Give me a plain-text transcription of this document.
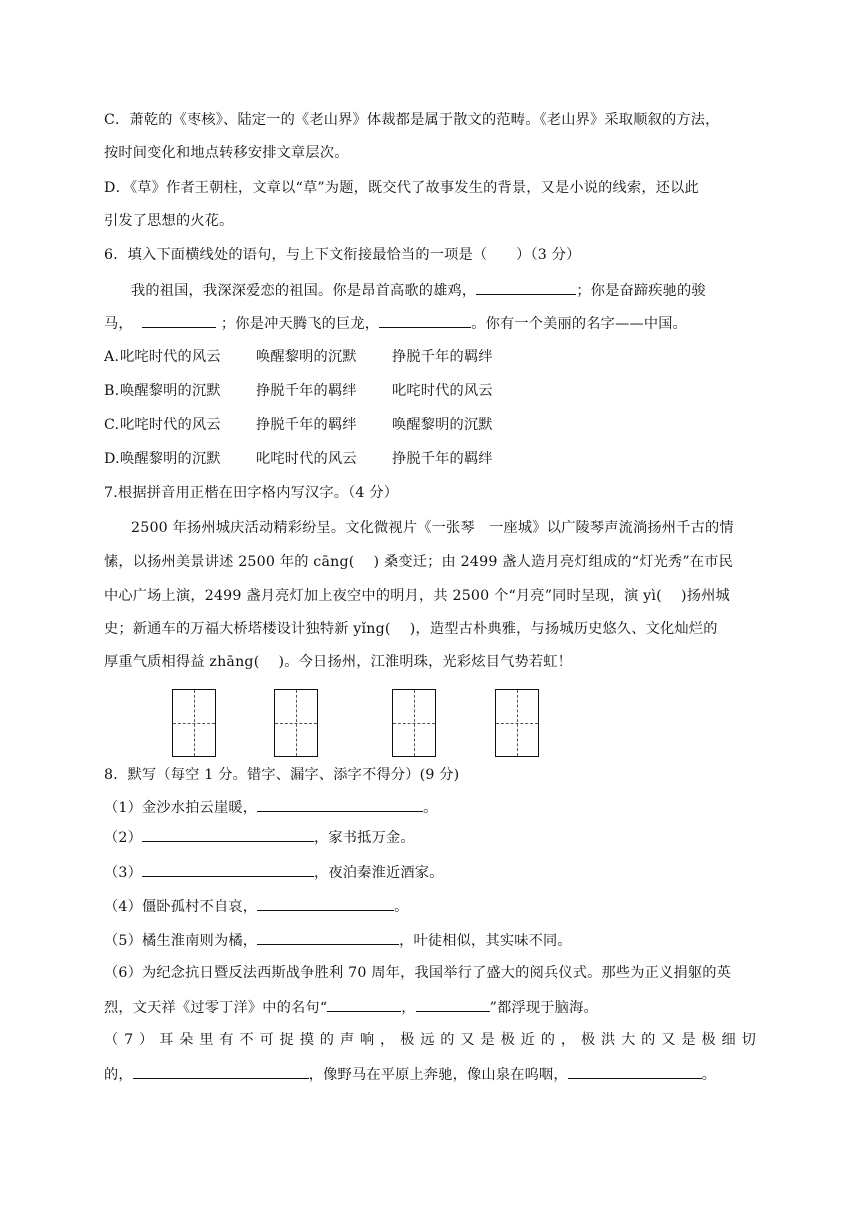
C．萧乾的《枣核》、陆定一的《老山界》体裁都是属于散文的范畴。《老山界》采取顺叙的方法，
按时间变化和地点转移安排文章层次。
D．《草》作者王朝柱，文章以“草”为题，既交代了故事发生的背景，又是小说的线索，还以此
引发了思想的火花。
6．填入下面横线处的语句，与上下文衔接最恰当的一项是（　　）（3 分）
我的祖国，我深深爱恋的祖国。你是昂首高歌的雄鸡，	；你是奋蹄疾驰的骏
马，	；你是冲天腾飞的巨龙，	。你有一个美丽的名字——中国。
A.叱咤时代的风云 唤醒黎明的沉默 挣脱千年的羁绊
B.唤醒黎明的沉默 挣脱千年的羁绊 叱咤时代的风云
C.叱咤时代的风云 挣脱千年的羁绊 唤醒黎明的沉默
D.唤醒黎明的沉默 叱咤时代的风云 挣脱千年的羁绊
7.根据拼音用正楷在田字格内写汉字。（4 分）
2500 年扬州城庆活动精彩纷呈。文化微视片《一张琴　一座城》以广陵琴声流淌扬州千古的情
愫，以扬州美景讲述 2500 年的 cāng(　 ) 桑变迁；由 2499 盏人造月亮灯组成的“灯光秀”在市民
中心广场上演，2499 盏月亮灯加上夜空中的明月，共 2500 个“月亮”同时呈现，演 yì(　 )扬州城
史；新通车的万福大桥塔楼设计独特新 yǐng(　 )，造型古朴典雅，与扬城历史悠久、文化灿烂的
厚重气质相得益 zhāng(　 )。今日扬州，江淮明珠，光彩炫目气势若虹！
8．默写（每空 1 分。错字、漏字、添字不得分）(9 分)
（1）金沙水拍云崖暖，	。
（2）	，家书抵万金。
（3）	，夜泊秦淮近酒家。
（4）僵卧孤村不自哀，	。
（5）橘生淮南则为橘，	，叶徒相似，其实味不同。
（6）为纪念抗日暨反法西斯战争胜利 70 周年，我国举行了盛大的阅兵仪式。那些为正义捐躯的英
烈，文天祥《过零丁洋》中的名句“	，	”都浮现于脑海。
（7）耳朵里有不可捉摸的声响，极远的又是极近的，极洪大的又是极细切
的，	，像野马在平原上奔驰，像山泉在呜咽，	。
